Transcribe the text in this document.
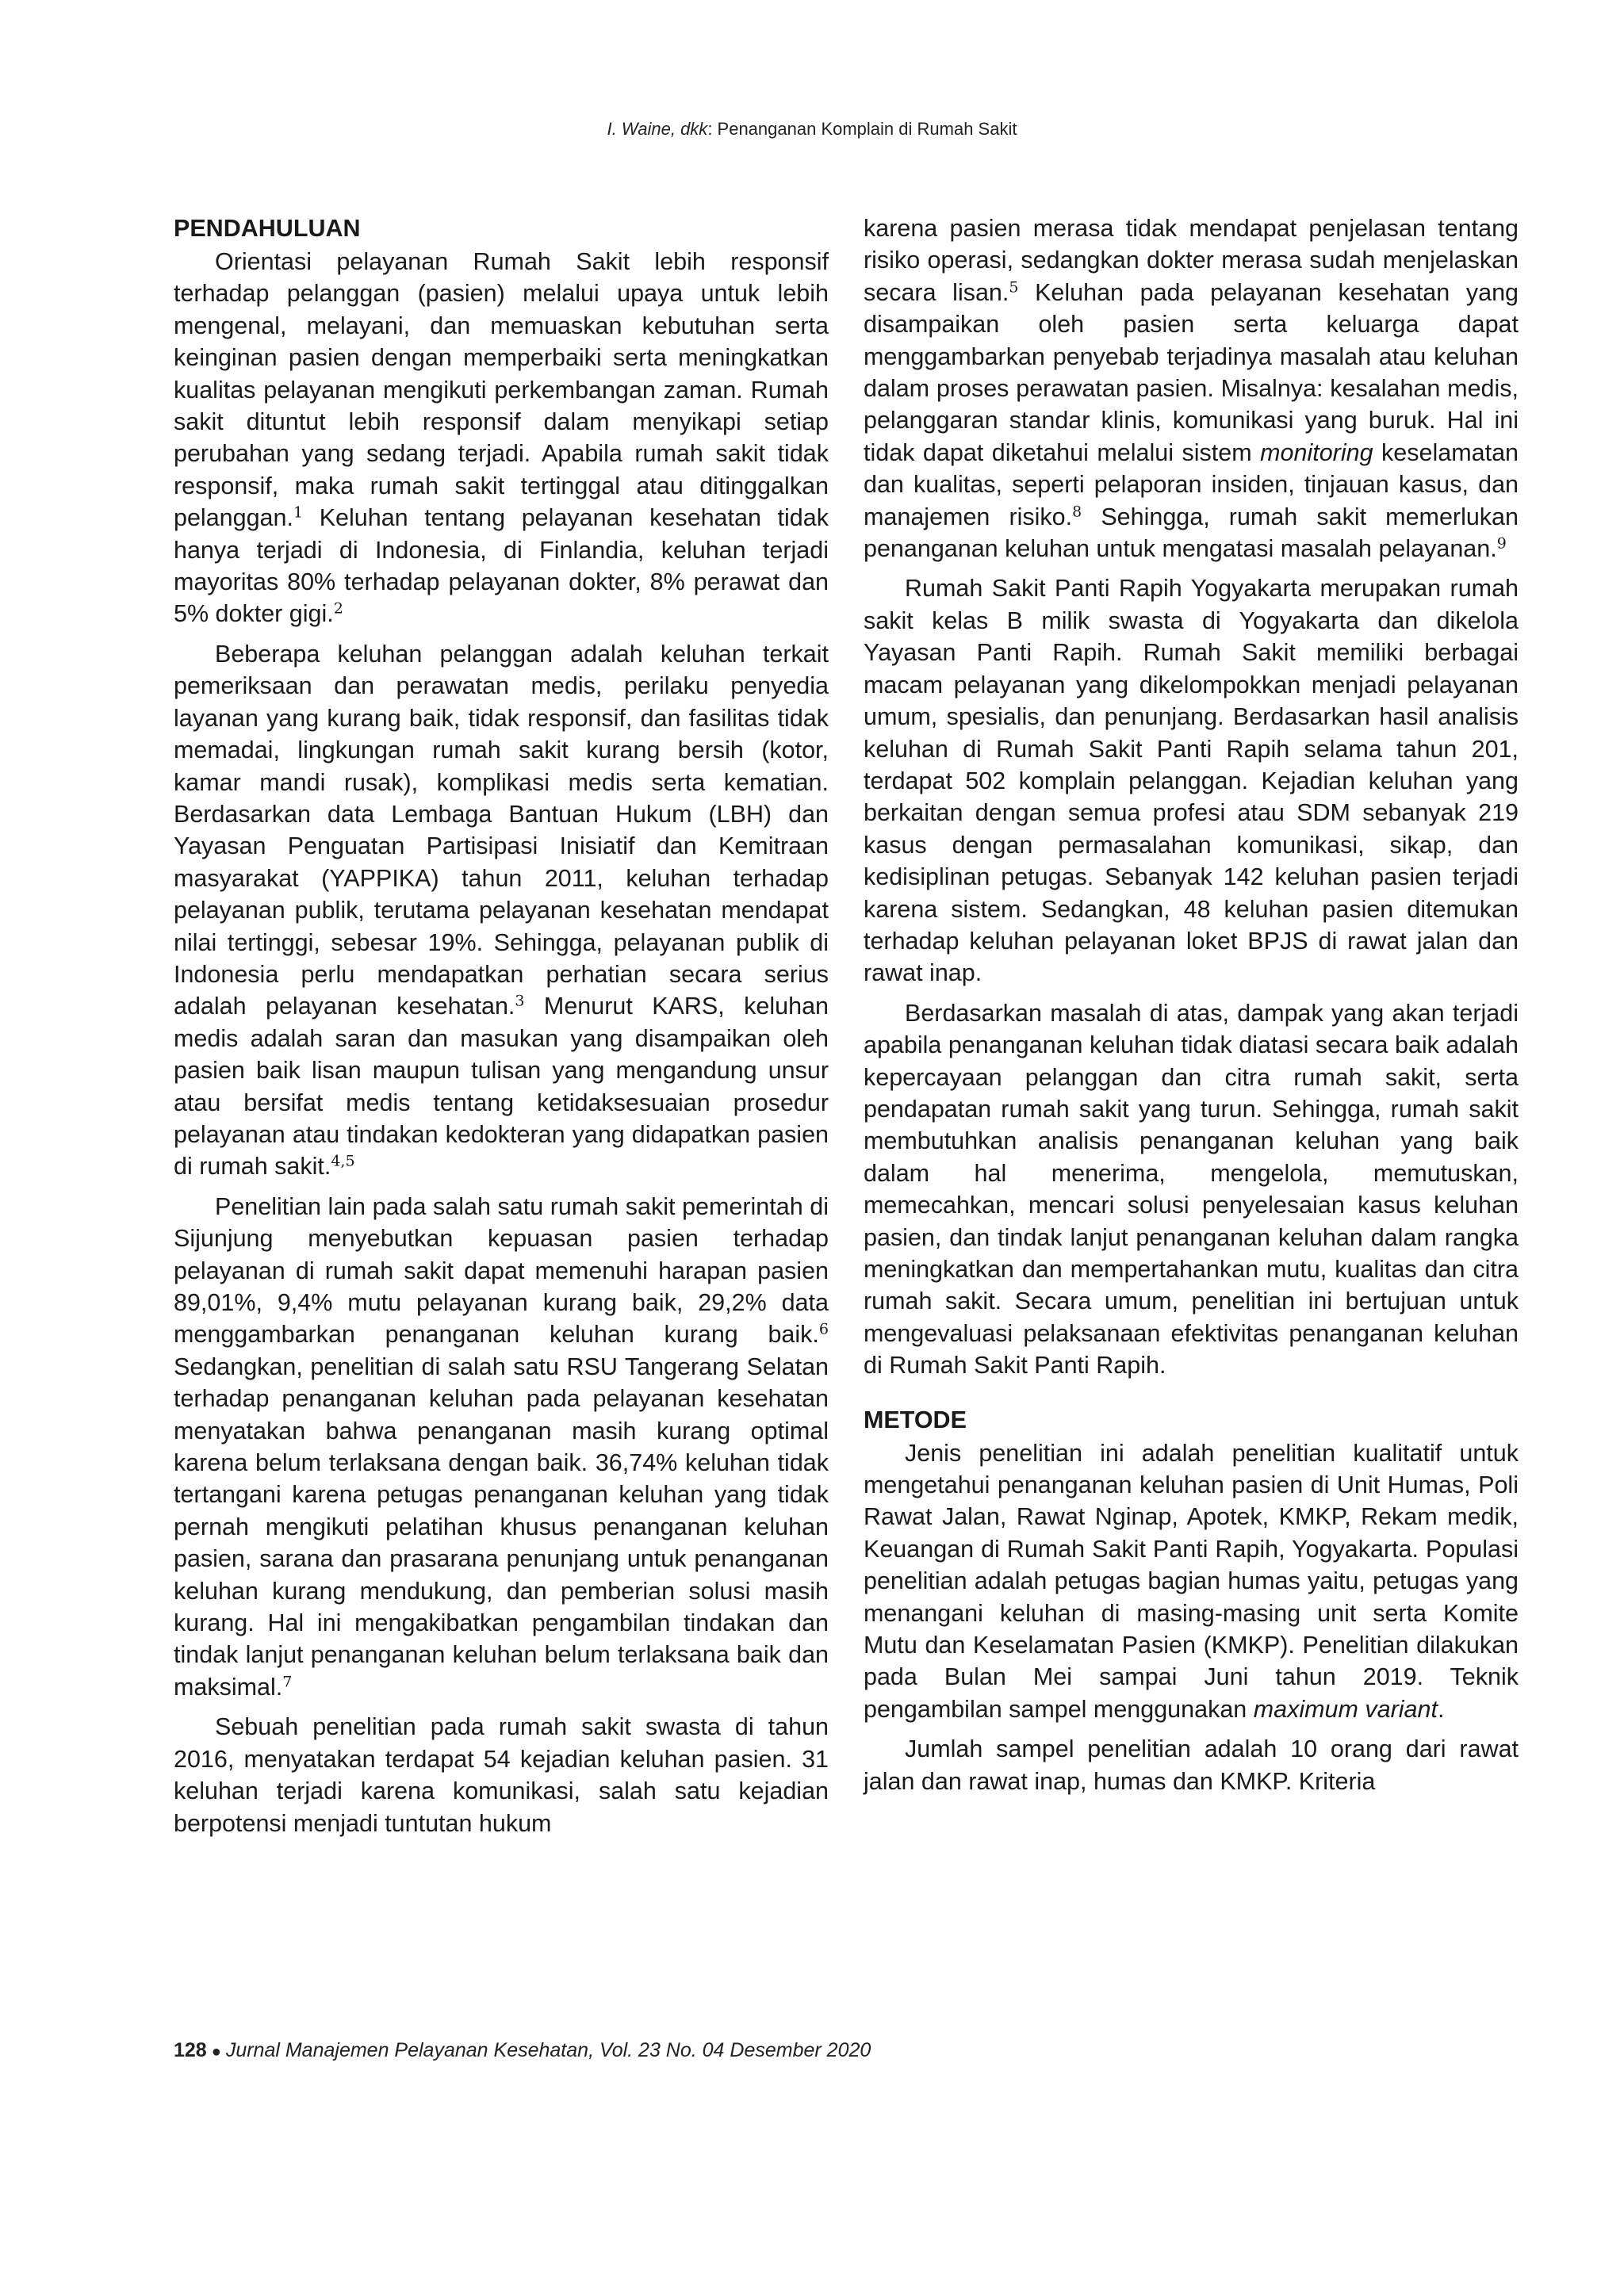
I. Waine, dkk: Penanganan Komplain di Rumah Sakit
PENDAHULUAN

Orientasi pelayanan Rumah Sakit lebih responsif terhadap pelanggan (pasien) melalui upaya untuk lebih mengenal, melayani, dan memuaskan kebutuhan serta keinginan pasien dengan memperbaiki serta meningkatkan kualitas pelayanan mengikuti perkembangan zaman. Rumah sakit dituntut lebih responsif dalam menyikapi setiap perubahan yang sedang terjadi. Apabila rumah sakit tidak responsif, maka rumah sakit tertinggal atau ditinggalkan pelanggan.$^1$ Keluhan tentang pelayanan kesehatan tidak hanya terjadi di Indonesia, di Finlandia, keluhan terjadi mayoritas 80% terhadap pelayanan dokter, 8% perawat dan 5% dokter gigi.$^2$

Beberapa keluhan pelanggan adalah keluhan terkait pemeriksaan dan perawatan medis, perilaku penyedia layanan yang kurang baik, tidak responsif, dan fasilitas tidak memadai, lingkungan rumah sakit kurang bersih (kotor, kamar mandi rusak), komplikasi medis serta kematian. Berdasarkan data Lembaga Bantuan Hukum (LBH) dan Yayasan Penguatan Partisipasi Inisiatif dan Kemitraan masyarakat (YAPPIKA) tahun 2011, keluhan terhadap pelayanan publik, terutama pelayanan kesehatan mendapat nilai tertinggi, sebesar 19%. Sehingga, pelayanan publik di Indonesia perlu mendapatkan perhatian secara serius adalah pelayanan kesehatan.$^3$ Menurut KARS, keluhan medis adalah saran dan masukan yang disampaikan oleh pasien baik lisan maupun tulisan yang mengandung unsur atau bersifat medis tentang ketidaksesuaian prosedur pelayanan atau tindakan kedokteran yang didapatkan pasien di rumah sakit.$^{4,5}$

Penelitian lain pada salah satu rumah sakit pemerintah di Sijunjung menyebutkan kepuasan pasien terhadap pelayanan di rumah sakit dapat memenuhi harapan pasien 89,01%, 9,4% mutu pelayanan kurang baik, 29,2% data menggambarkan penanganan keluhan kurang baik.$^6$ Sedangkan, penelitian di salah satu RSU Tangerang Selatan terhadap penanganan keluhan pada pelayanan kesehatan menyatakan bahwa penanganan masih kurang optimal karena belum terlaksana dengan baik. 36,74% keluhan tidak tertangani karena petugas penanganan keluhan yang tidak pernah mengikuti pelatihan khusus penanganan keluhan pasien, sarana dan prasarana penunjang untuk penanganan keluhan kurang mendukung, dan pemberian solusi masih kurang. Hal ini mengakibatkan pengambilan tindakan dan tindak lanjut penanganan keluhan belum terlaksana baik dan maksimal.$^7$

Sebuah penelitian pada rumah sakit swasta di tahun 2016, menyatakan terdapat 54 kejadian keluhan pasien. 31 keluhan terjadi karena komunikasi, salah satu kejadian berpotensi menjadi tuntutan hukum

karena pasien merasa tidak mendapat penjelasan tentang risiko operasi, sedangkan dokter merasa sudah menjelaskan secara lisan.$^5$ Keluhan pada pelayanan kesehatan yang disampaikan oleh pasien serta keluarga dapat menggambarkan penyebab terjadinya masalah atau keluhan dalam proses perawatan pasien. Misalnya: kesalahan medis, pelanggaran standar klinis, komunikasi yang buruk. Hal ini tidak dapat diketahui melalui sistem monitoring keselamatan dan kualitas, seperti pelaporan insiden, tinjauan kasus, dan manajemen risiko.$^8$ Sehingga, rumah sakit memerlukan penanganan keluhan untuk mengatasi masalah pelayanan.$^9$

Rumah Sakit Panti Rapih Yogyakarta merupakan rumah sakit kelas B milik swasta di Yogyakarta dan dikelola Yayasan Panti Rapih. Rumah Sakit memiliki berbagai macam pelayanan yang dikelompokkan menjadi pelayanan umum, spesialis, dan penunjang. Berdasarkan hasil analisis keluhan di Rumah Sakit Panti Rapih selama tahun 201, terdapat 502 komplain pelanggan. Kejadian keluhan yang berkaitan dengan semua profesi atau SDM sebanyak 219 kasus dengan permasalahan komunikasi, sikap, dan kedisiplinan petugas. Sebanyak 142 keluhan pasien terjadi karena sistem. Sedangkan, 48 keluhan pasien ditemukan terhadap keluhan pelayanan loket BPJS di rawat jalan dan rawat inap.

Berdasarkan masalah di atas, dampak yang akan terjadi apabila penanganan keluhan tidak diatasi secara baik adalah kepercayaan pelanggan dan citra rumah sakit, serta pendapatan rumah sakit yang turun. Sehingga, rumah sakit membutuhkan analisis penanganan keluhan yang baik dalam hal menerima, mengelola, memutuskan, memecahkan, mencari solusi penyelesaian kasus keluhan pasien, dan tindak lanjut penanganan keluhan dalam rangka meningkatkan dan mempertahankan mutu, kualitas dan citra rumah sakit. Secara umum, penelitian ini bertujuan untuk mengevaluasi pelaksanaan efektivitas penanganan keluhan di Rumah Sakit Panti Rapih.

METODE

Jenis penelitian ini adalah penelitian kualitatif untuk mengetahui penanganan keluhan pasien di Unit Humas, Poli Rawat Jalan, Rawat Nginap, Apotek, KMKP, Rekam medik, Keuangan di Rumah Sakit Panti Rapih, Yogyakarta. Populasi penelitian adalah petugas bagian humas yaitu, petugas yang menangani keluhan di masing-masing unit serta Komite Mutu dan Keselamatan Pasien (KMKP). Penelitian dilakukan pada Bulan Mei sampai Juni tahun 2019. Teknik pengambilan sampel menggunakan maximum variant.

Jumlah sampel penelitian adalah 10 orang dari rawat jalan dan rawat inap, humas dan KMKP. Kriteria

128 ● Jurnal Manajemen Pelayanan Kesehatan, Vol. 23 No. 04 Desember 2020
